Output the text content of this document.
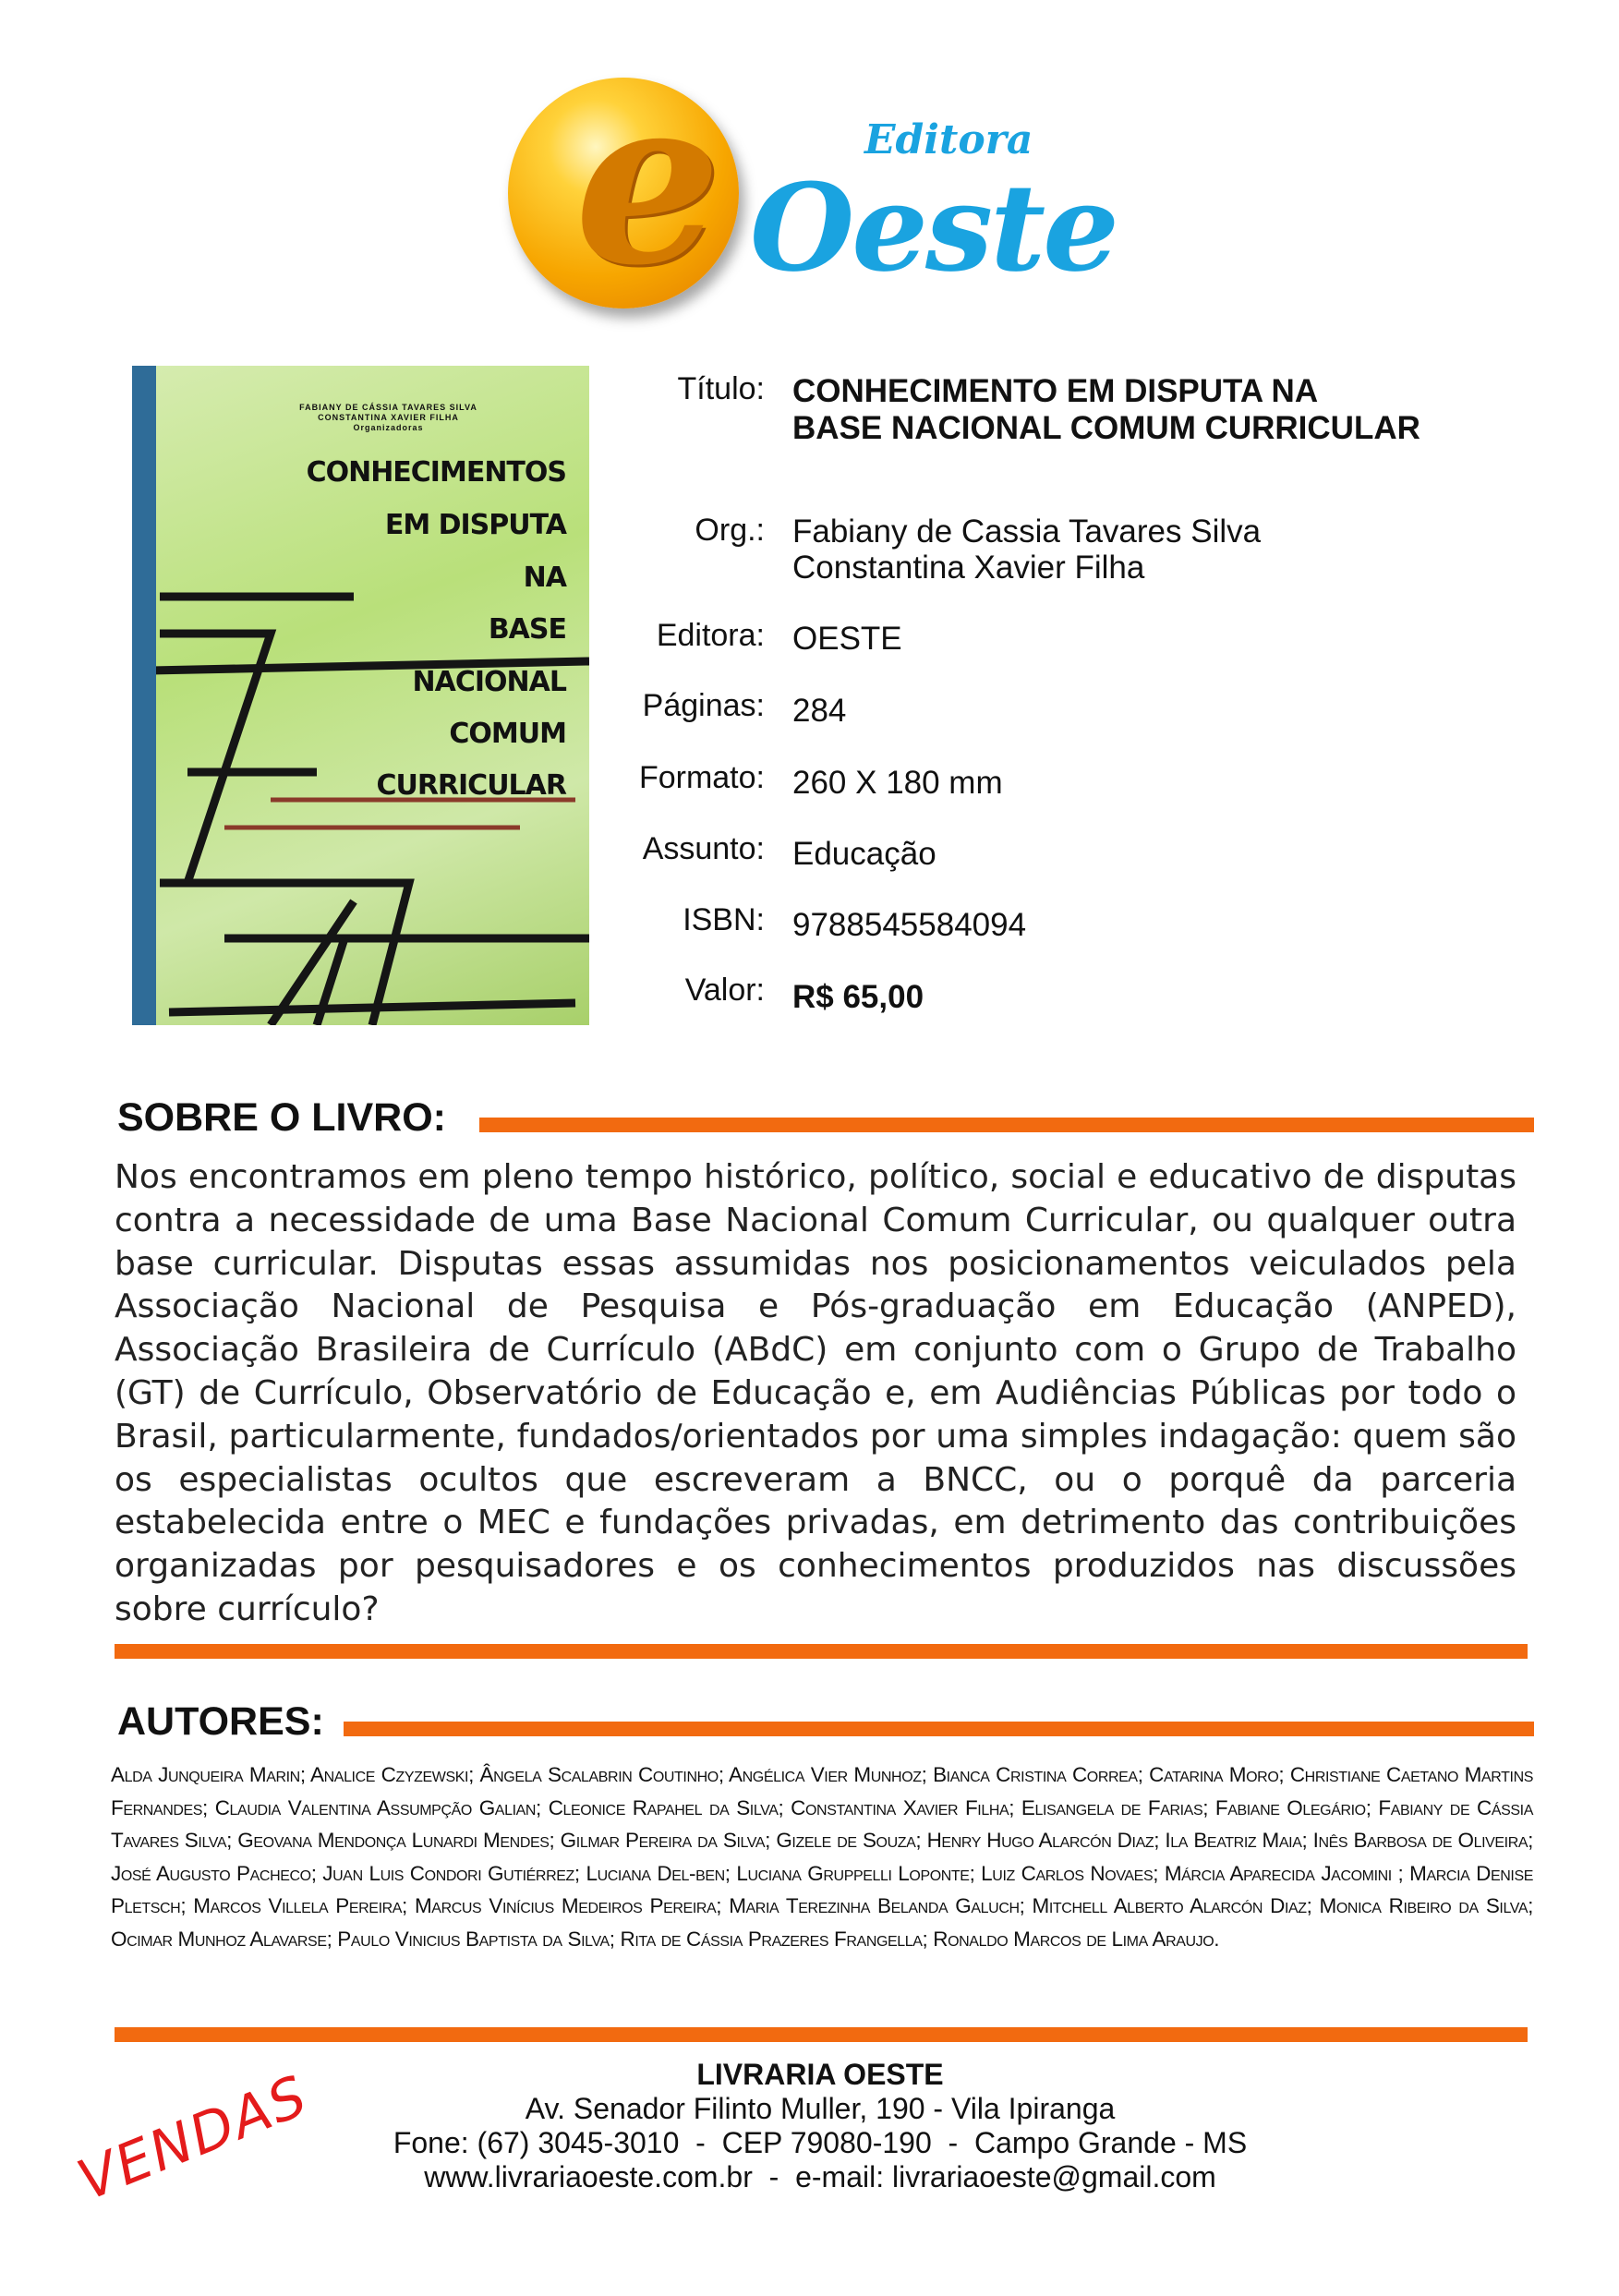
e	Editora
Oeste
FABIANY DE CÁSSIA TAVARES SILVA
CONSTANTINA XAVIER FILHA
Organizadoras
CONHECIMENTOS
EM DISPUTA
NA
BASE
NACIONAL
COMUM
CURRICULAR
Título: CONHECIMENTO EM DISPUTA NA
BASE NACIONAL COMUM CURRICULAR
Org.: Fabiany de Cassia Tavares Silva
Constantina Xavier Filha
Editora: OESTE
Páginas: 284
Formato: 260 X 180 mm
Assunto: Educação
ISBN: 9788545584094
Valor: R$ 65,00
SOBRE O LIVRO:
Nos encontramos em pleno tempo histórico, político, social e educativo de disputas contra a necessidade de uma Base Nacional Comum Curricular, ou qualquer outra base curricular. Disputas essas assumidas nos posicionamentos veiculados pela Associação Nacional de Pesquisa e Pós-graduação em Educação (ANPED), Associação Brasileira de Currículo (ABdC) em conjunto com o Grupo de Trabalho (GT) de Currículo, Observatório de Educação e, em Audiências Públicas por todo o Brasil, particularmente, fundados/orientados por uma simples indagação: quem são os especialistas ocultos que escreveram a BNCC, ou o porquê da parceria estabelecida entre o MEC e fundações privadas, em detrimento das contribuições organizadas por pesquisadores e os conhecimentos produzidos nas discussões sobre currículo?
AUTORES:
Alda Junqueira Marin; Analice Czyzewski; Ângela Scalabrin Coutinho; Angélica Vier Munhoz; Bianca Cristina Correa; Catarina Moro; Christiane Caetano Martins Fernandes; Claudia Valentina Assumpção Galian; Cleonice Rapahel da Silva; Constantina Xavier Filha; Elisangela de Farias; Fabiane Olegário; Fabiany de Cássia Tavares Silva; Geovana Mendonça Lunardi Mendes; Gilmar Pereira da Silva; Gizele de Souza; Henry Hugo Alarcón Diaz; Ila Beatriz Maia; Inês Barbosa de Oliveira; José Augusto Pacheco; Juan Luis Condori Gutiérrez; Luciana Del-ben; Luciana Gruppelli Loponte; Luiz Carlos Novaes; Márcia Aparecida Jacomini ; Marcia Denise Pletsch; Marcos Villela Pereira; Marcus Vinícius Medeiros Pereira; Maria Terezinha Belanda Galuch; Mitchell Alberto Alarcón Diaz; Monica Ribeiro da Silva; Ocimar Munhoz Alavarse; Paulo Vinicius Baptista da Silva; Rita de Cássia Prazeres Frangella; Ronaldo Marcos de Lima Araujo.
VENDAS	LIVRARIA OESTE
Av. Senador Filinto Muller, 190 - Vila Ipiranga
Fone: (67) 3045-3010  -  CEP 79080-190  -  Campo Grande - MS
www.livrariaoeste.com.br  -  e-mail: livrariaoeste@gmail.com
